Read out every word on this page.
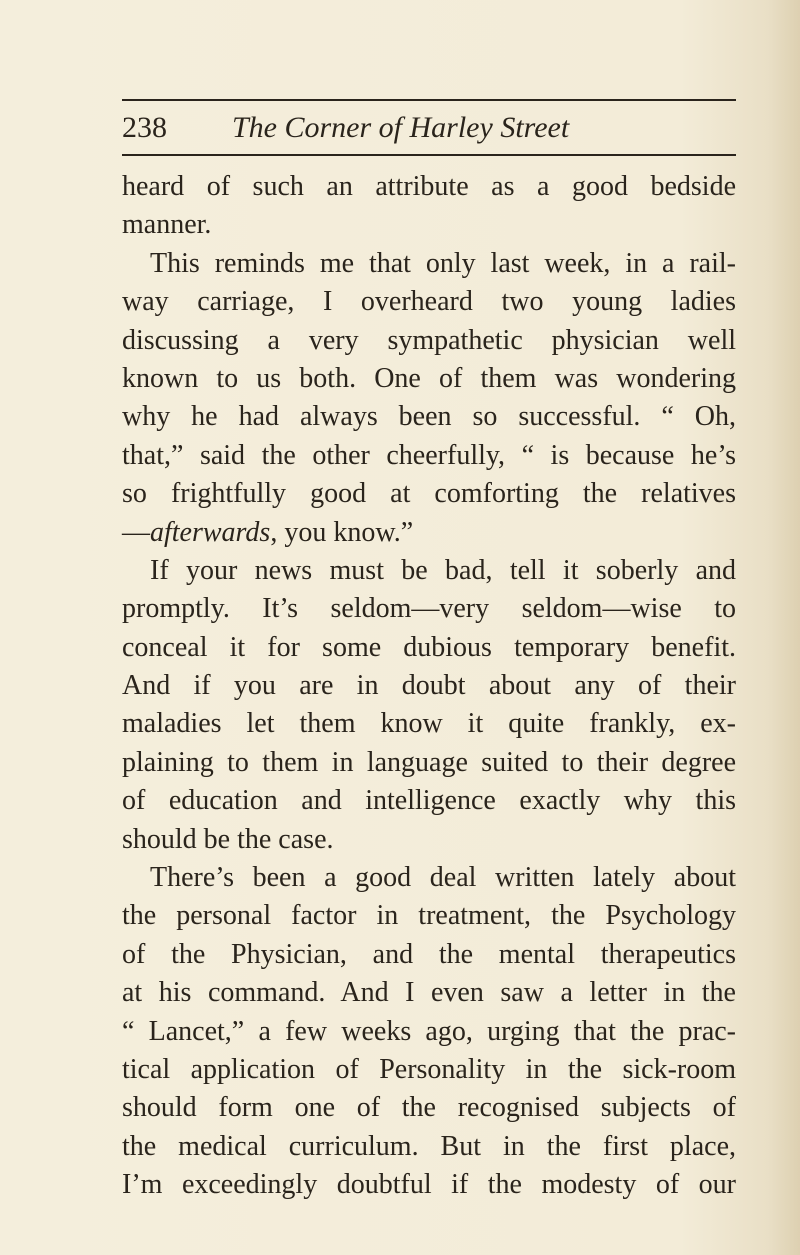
238 The Corner of Harley Street
heard of such an attribute as a good bedside
manner.
This reminds me that only last week, in a rail-
way carriage, I overheard two young ladies
discussing a very sympathetic physician well
known to us both. One of them was wondering
why he had always been so successful. “ Oh,
that,” said the other cheerfully, “ is because he’s
so frightfully good at comforting the relatives
—afterwards, you know.”
If your news must be bad, tell it soberly and
promptly. It’s seldom—very seldom—wise to
conceal it for some dubious temporary benefit.
And if you are in doubt about any of their
maladies let them know it quite frankly, ex-
plaining to them in language suited to their degree
of education and intelligence exactly why this
should be the case.
There’s been a good deal written lately about
the personal factor in treatment, the Psychology
of the Physician, and the mental therapeutics
at his command. And I even saw a letter in the
“ Lancet,” a few weeks ago, urging that the prac-
tical application of Personality in the sick-room
should form one of the recognised subjects of
the medical curriculum. But in the first place,
I’m exceedingly doubtful if the modesty of our
